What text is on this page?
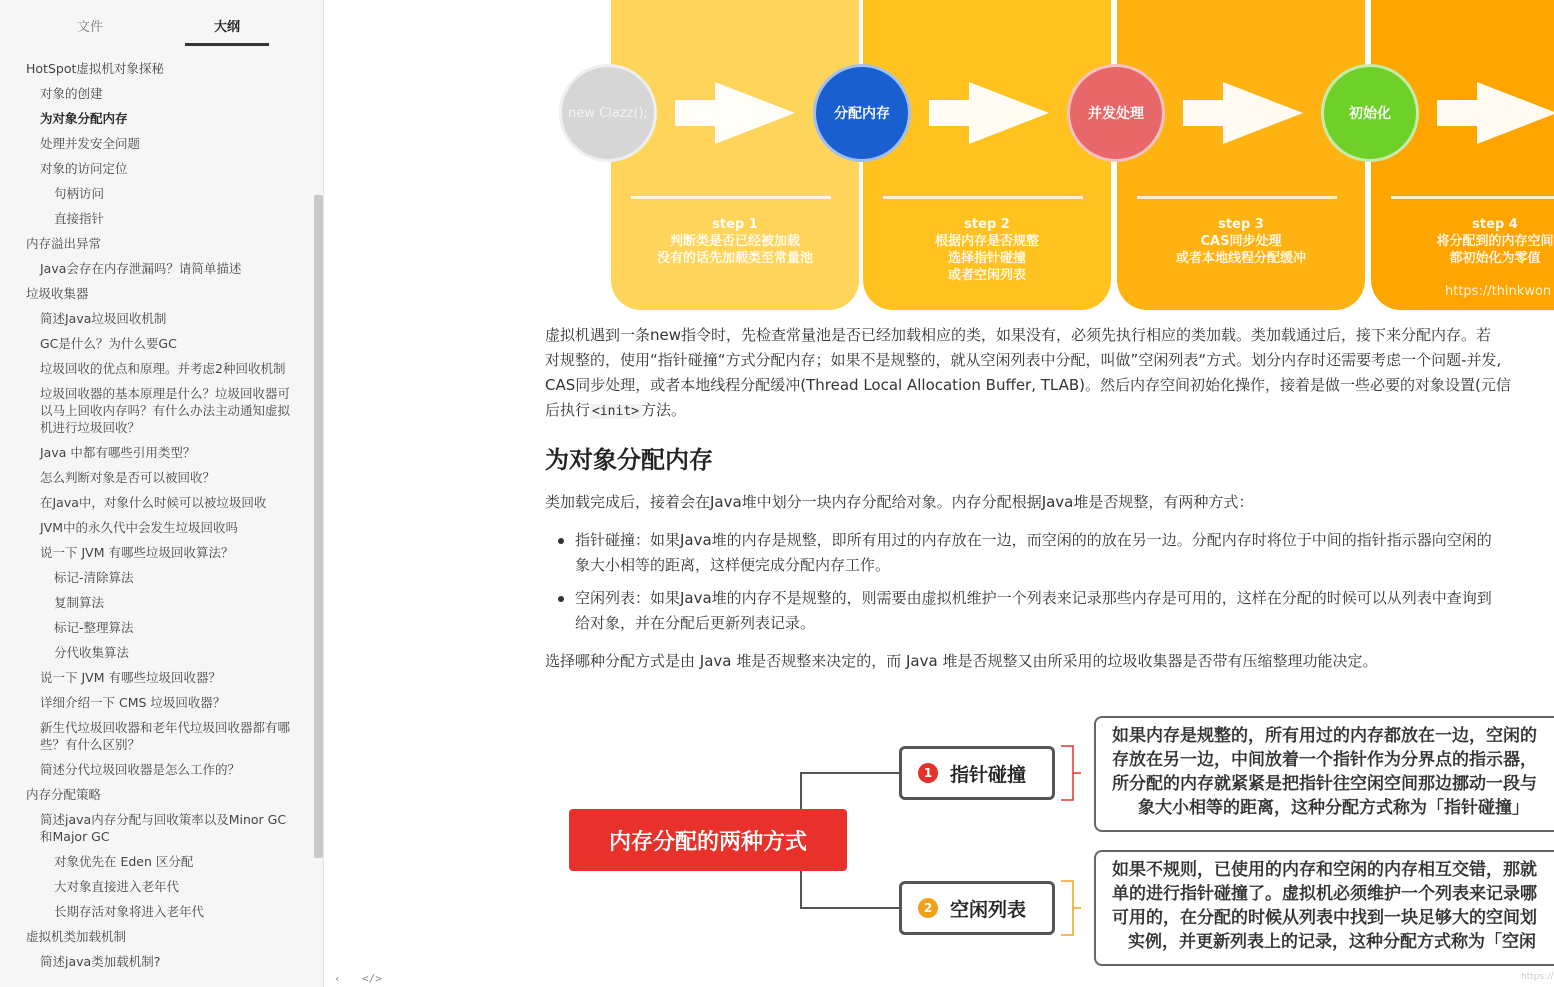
文件	大纲
HotSpot虚拟机对象探秘
对象的创建
为对象分配内存
处理并发安全问题
对象的访问定位
句柄访问
直接指针
内存溢出异常
Java会存在内存泄漏吗？请简单描述
垃圾收集器
简述Java垃圾回收机制
GC是什么？为什么要GC
垃圾回收的优点和原理。并考虑2种回收机制
垃圾回收器的基本原理是什么？垃圾回收器可以马上回收内存吗？有什么办法主动通知虚拟机进行垃圾回收？
Java 中都有哪些引用类型？
怎么判断对象是否可以被回收？
在Java中，对象什么时候可以被垃圾回收
JVM中的永久代中会发生垃圾回收吗
说一下 JVM 有哪些垃圾回收算法？
标记-清除算法
复制算法
标记-整理算法
分代收集算法
说一下 JVM 有哪些垃圾回收器？
详细介绍一下 CMS 垃圾回收器？
新生代垃圾回收器和老年代垃圾回收器都有哪些？有什么区别？
简述分代垃圾回收器是怎么工作的？
内存分配策略
简述java内存分配与回收策率以及Minor GC和Major GC
对象优先在 Eden 区分配
大对象直接进入老年代
长期存活对象将进入老年代
虚拟机类加载机制
简述java类加载机制?
‹ </>
new Clazz();	分配内存	并发处理	初始化
step 1
判断类是否已经被加载
没有的话先加载类至常量池
step 2
根据内存是否规整
选择指针碰撞
或者空闲列表
step 3
CAS同步处理
或者本地线程分配缓冲
step 4
将分配到的内存空间
都初始化为零值
https://thinkwon
虚拟机遇到一条new指令时，先检查常量池是否已经加载相应的类，如果没有，必须先执行相应的类加载。类加载通过后，接下来分配内存。若
对规整的，使用“指针碰撞“方式分配内存；如果不是规整的，就从空闲列表中分配，叫做”空闲列表“方式。划分内存时还需要考虑一个问题-并发,
CAS同步处理，或者本地线程分配缓冲(Thread Local Allocation Buffer, TLAB)。然后内存空间初始化操作，接着是做一些必要的对象设置(元信
后执行 <init> 方法。
为对象分配内存
类加载完成后，接着会在Java堆中划分一块内存分配给对象。内存分配根据Java堆是否规整，有两种方式：
指针碰撞：如果Java堆的内存是规整，即所有用过的内存放在一边，而空闲的的放在另一边。分配内存时将位于中间的指针指示器向空闲的
象大小相等的距离，这样便完成分配内存工作。
空闲列表：如果Java堆的内存不是规整的，则需要由虚拟机维护一个列表来记录那些内存是可用的，这样在分配的时候可以从列表中查询到
给对象，并在分配后更新列表记录。
选择哪种分配方式是由 Java 堆是否规整来决定的，而 Java 堆是否规整又由所采用的垃圾收集器是否带有压缩整理功能决定。
内存分配的两种方式
1 指针碰撞
2 空闲列表
如果内存是规整的，所有用过的内存都放在一边，空闲的
存放在另一边，中间放着一个指针作为分界点的指示器，
所分配的内存就紧紧是把指针往空闲空间那边挪动一段与
象大小相等的距离，这种分配方式称为「指针碰撞」
如果不规则，已使用的内存和空闲的内存相互交错，那就
单的进行指针碰撞了。虚拟机必须维护一个列表来记录哪
可用的，在分配的时候从列表中找到一块足够大的空间划
实例，并更新列表上的记录，这种分配方式称为「空闲
https://
